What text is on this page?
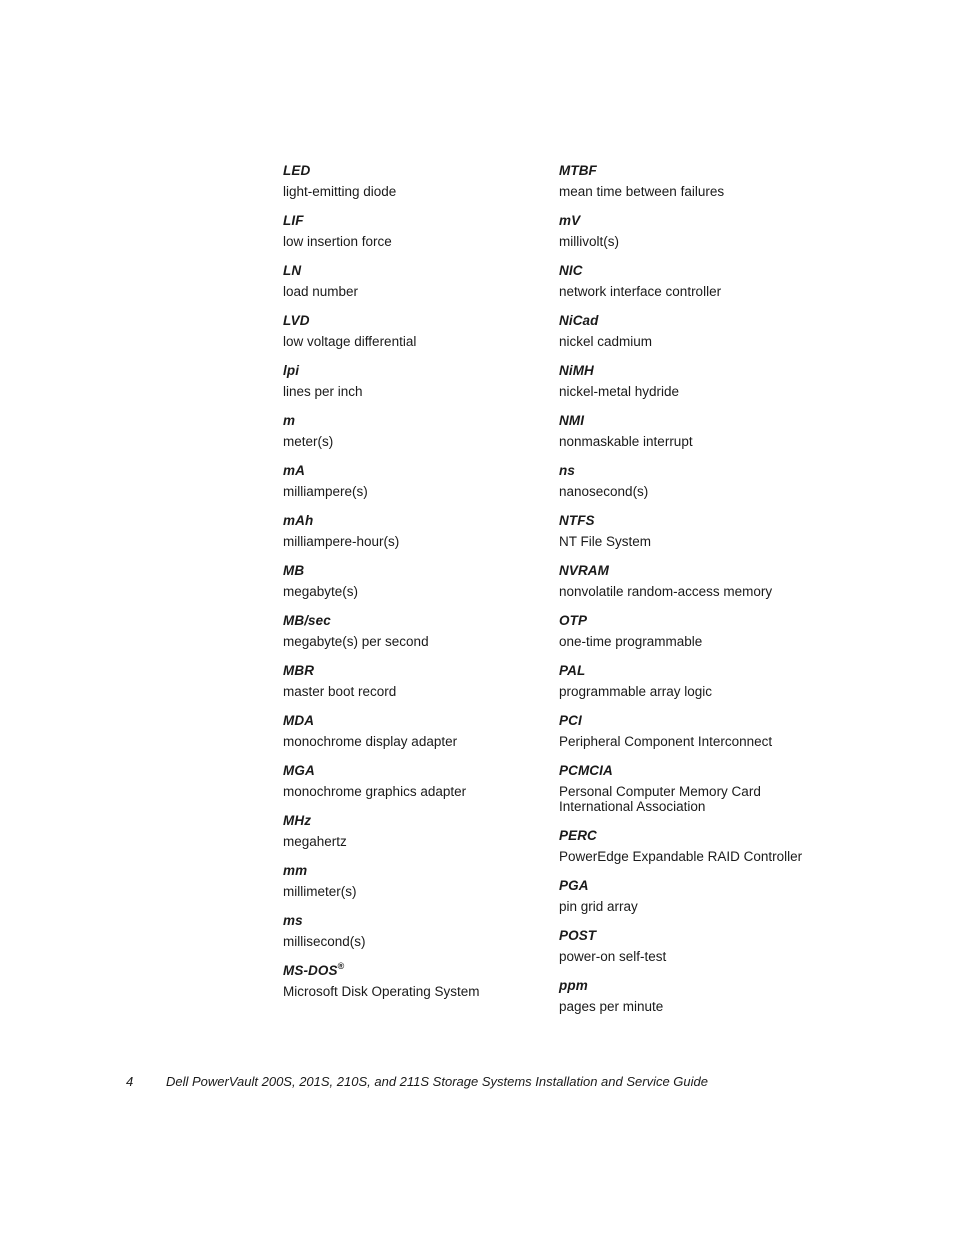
LED
light-emitting diode
LIF
low insertion force
LN
load number
LVD
low voltage differential
lpi
lines per inch
m
meter(s)
mA
milliampere(s)
mAh
milliampere-hour(s)
MB
megabyte(s)
MB/sec
megabyte(s) per second
MBR
master boot record
MDA
monochrome display adapter
MGA
monochrome graphics adapter
MHz
megahertz
mm
millimeter(s)
ms
millisecond(s)
MS-DOS®
Microsoft Disk Operating System
MTBF
mean time between failures
mV
millivolt(s)
NIC
network interface controller
NiCad
nickel cadmium
NiMH
nickel-metal hydride
NMI
nonmaskable interrupt
ns
nanosecond(s)
NTFS
NT File System
NVRAM
nonvolatile random-access memory
OTP
one-time programmable
PAL
programmable array logic
PCI
Peripheral Component Interconnect
PCMCIA
Personal Computer Memory Card International Association
PERC
PowerEdge Expandable RAID Controller
PGA
pin grid array
POST
power-on self-test
ppm
pages per minute
4	Dell PowerVault 200S, 201S, 210S, and 211S Storage Systems Installation and Service Guide
